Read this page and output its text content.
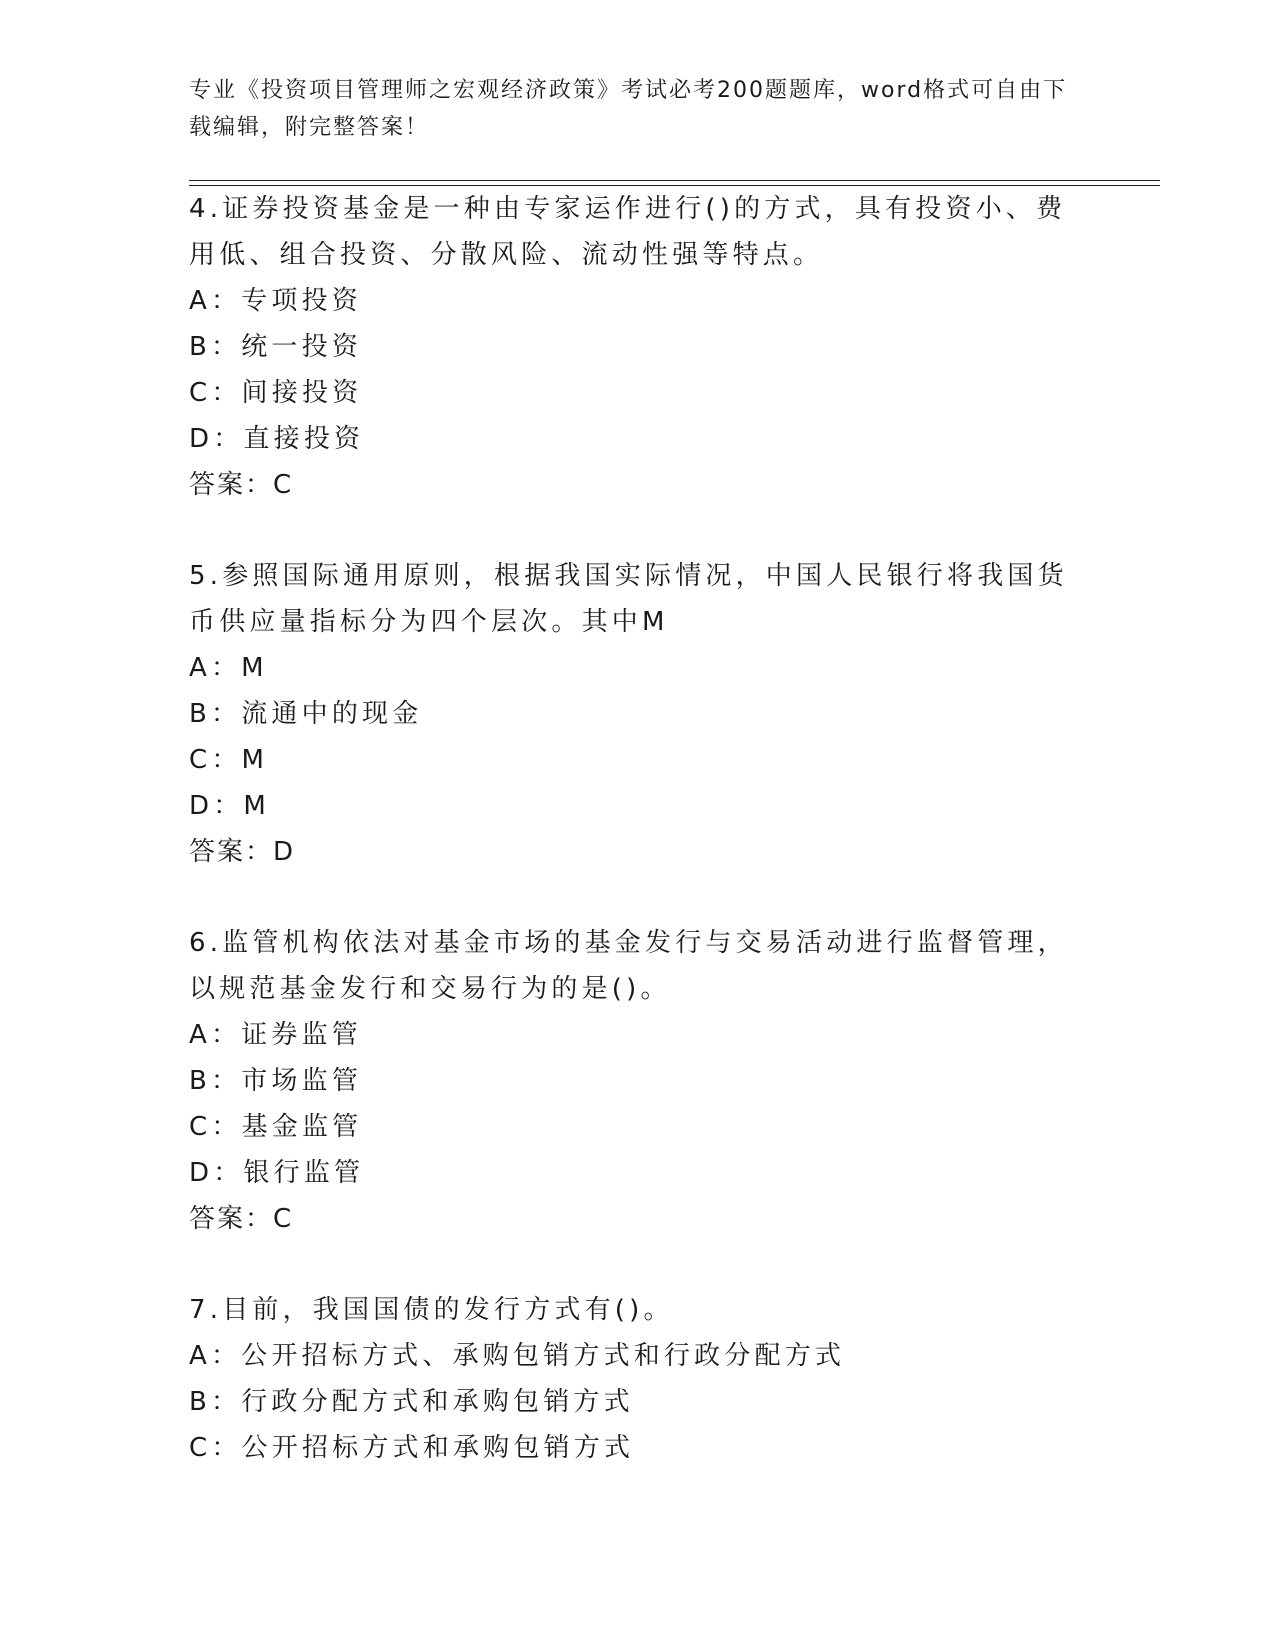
专业《投资项目管理师之宏观经济政策》考试必考200题题库，word格式可自由下载编辑，附完整答案！
4.证券投资基金是一种由专家运作进行()的方式，具有投资小、费用低、组合投资、分散风险、流动性强等特点。
A：专项投资
B：统一投资
C：间接投资
D：直接投资
答案：C
5.参照国际通用原则，根据我国实际情况，中国人民银行将我国货币供应量指标分为四个层次。其中M
A：M
B：流通中的现金
C：M
D：M
答案：D
6.监管机构依法对基金市场的基金发行与交易活动进行监督管理，以规范基金发行和交易行为的是()。
A：证券监管
B：市场监管
C：基金监管
D：银行监管
答案：C
7.目前，我国国债的发行方式有()。
A：公开招标方式、承购包销方式和行政分配方式
B：行政分配方式和承购包销方式
C：公开招标方式和承购包销方式
